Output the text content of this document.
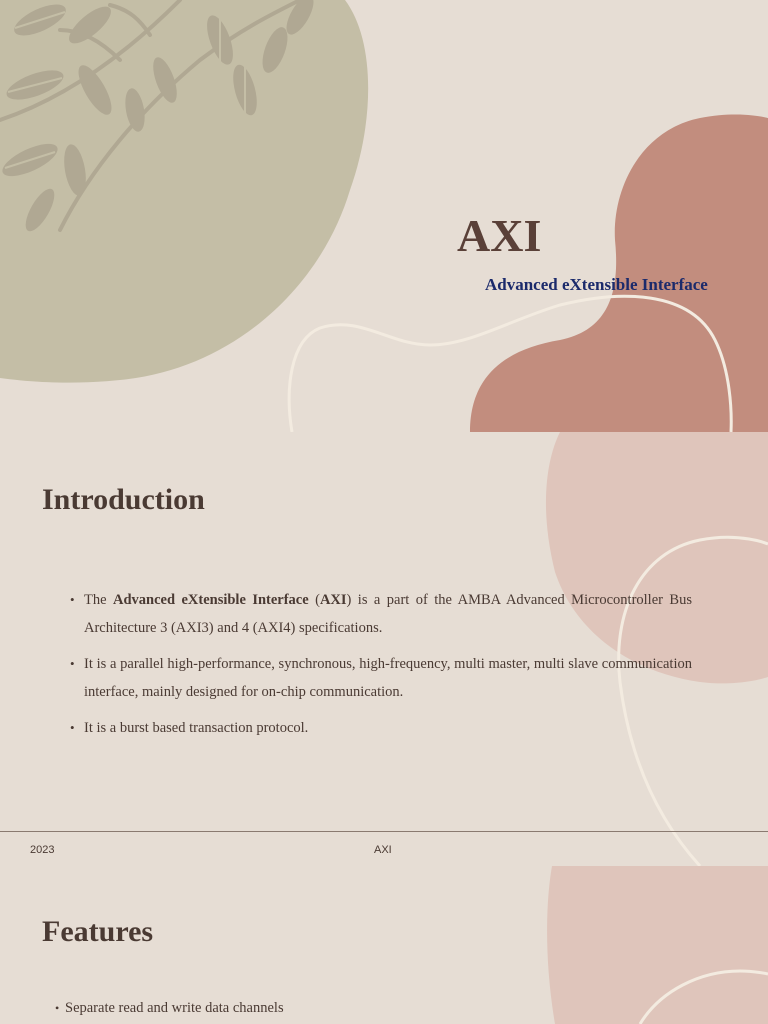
AXI
Advanced eXtensible Interface
Introduction
• The Advanced eXtensible Interface (AXI) is a part of the AMBA Advanced Microcontroller Bus Architecture 3 (AXI3) and 4 (AXI4) specifications.
• It is a parallel high-performance, synchronous, high-frequency, multi master, multi slave communication interface, mainly designed for on-chip communication.
• It is a burst based transaction protocol.
2023	AXI
Features
• Separate read and write data channels
